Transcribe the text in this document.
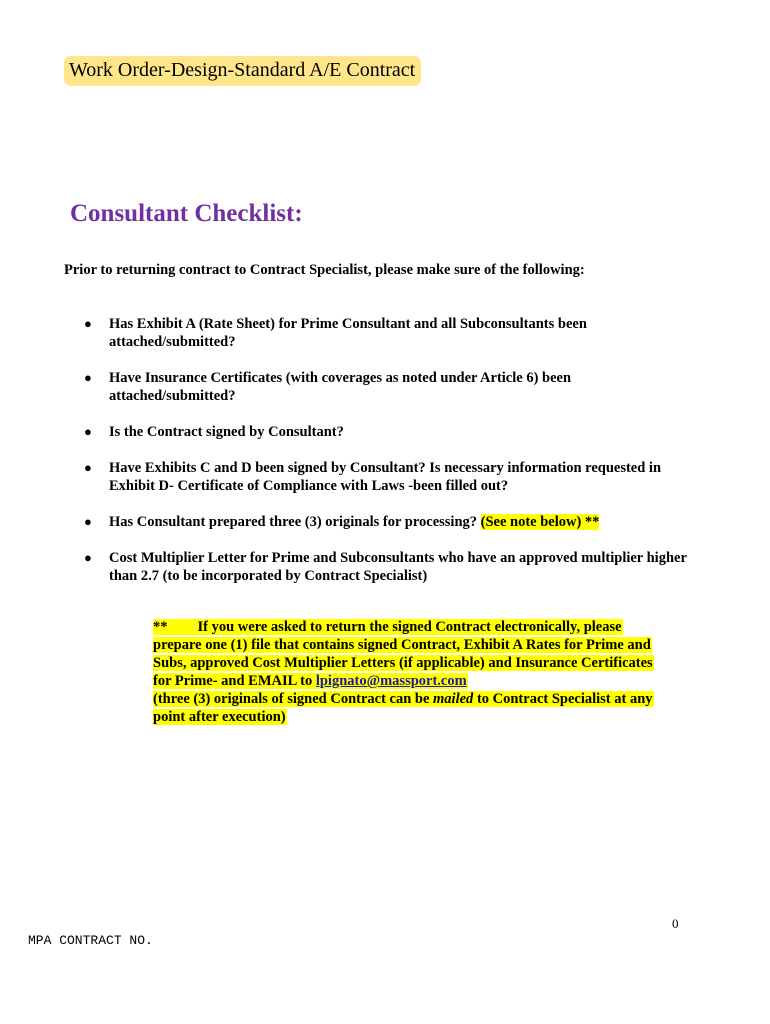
Work Order-Design-Standard A/E Contract
Consultant Checklist:
Prior to returning contract to Contract Specialist, please make sure of the following:
● Has Exhibit A (Rate Sheet) for Prime Consultant and all Subconsultants been attached/submitted?
● Have Insurance Certificates (with coverages as noted under Article 6) been attached/submitted?
● Is the Contract signed by Consultant?
● Have Exhibits C and D been signed by Consultant? Is necessary information requested in Exhibit D- Certificate of Compliance with Laws -been filled out?
● Has Consultant prepared three (3) originals for processing? (See note below) **
● Cost Multiplier Letter for Prime and Subconsultants who have an approved multiplier higher than 2.7 (to be incorporated by Contract Specialist)
** If you were asked to return the signed Contract electronically, please
prepare one (1) file that contains signed Contract, Exhibit A Rates for Prime and
Subs, approved Cost Multiplier Letters (if applicable) and Insurance Certificates
for Prime- and EMAIL to lpignato@massport.com
(three (3) originals of signed Contract can be mailed to Contract Specialist at any
point after execution)
0
MPA CONTRACT NO.
